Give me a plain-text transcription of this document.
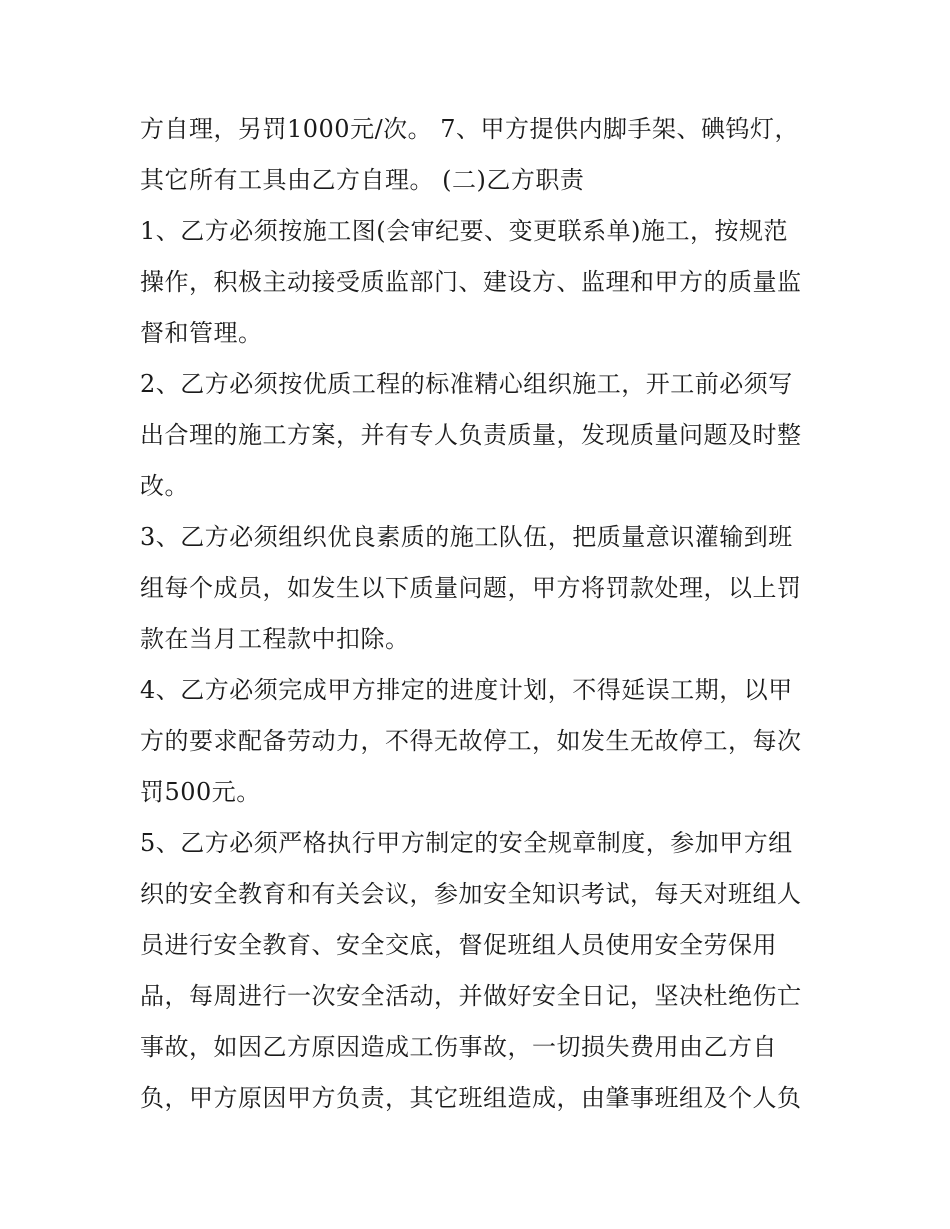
方自理，另罚1000元/次。 7、甲方提供内脚手架、碘钨灯，
其它所有工具由乙方自理。 (二)乙方职责
1、乙方必须按施工图(会审纪要、变更联系单)施工，按规范
操作，积极主动接受质监部门、建设方、监理和甲方的质量监
督和管理。
2、乙方必须按优质工程的标准精心组织施工，开工前必须写
出合理的施工方案，并有专人负责质量，发现质量问题及时整
改。
3、乙方必须组织优良素质的施工队伍，把质量意识灌输到班
组每个成员，如发生以下质量问题，甲方将罚款处理，以上罚
款在当月工程款中扣除。
4、乙方必须完成甲方排定的进度计划，不得延误工期，以甲
方的要求配备劳动力，不得无故停工，如发生无故停工，每次
罚500元。
5、乙方必须严格执行甲方制定的安全规章制度，参加甲方组
织的安全教育和有关会议，参加安全知识考试，每天对班组人
员进行安全教育、安全交底，督促班组人员使用安全劳保用
品，每周进行一次安全活动，并做好安全日记，坚决杜绝伤亡
事故，如因乙方原因造成工伤事故，一切损失费用由乙方自
负，甲方原因甲方负责，其它班组造成，由肇事班组及个人负
